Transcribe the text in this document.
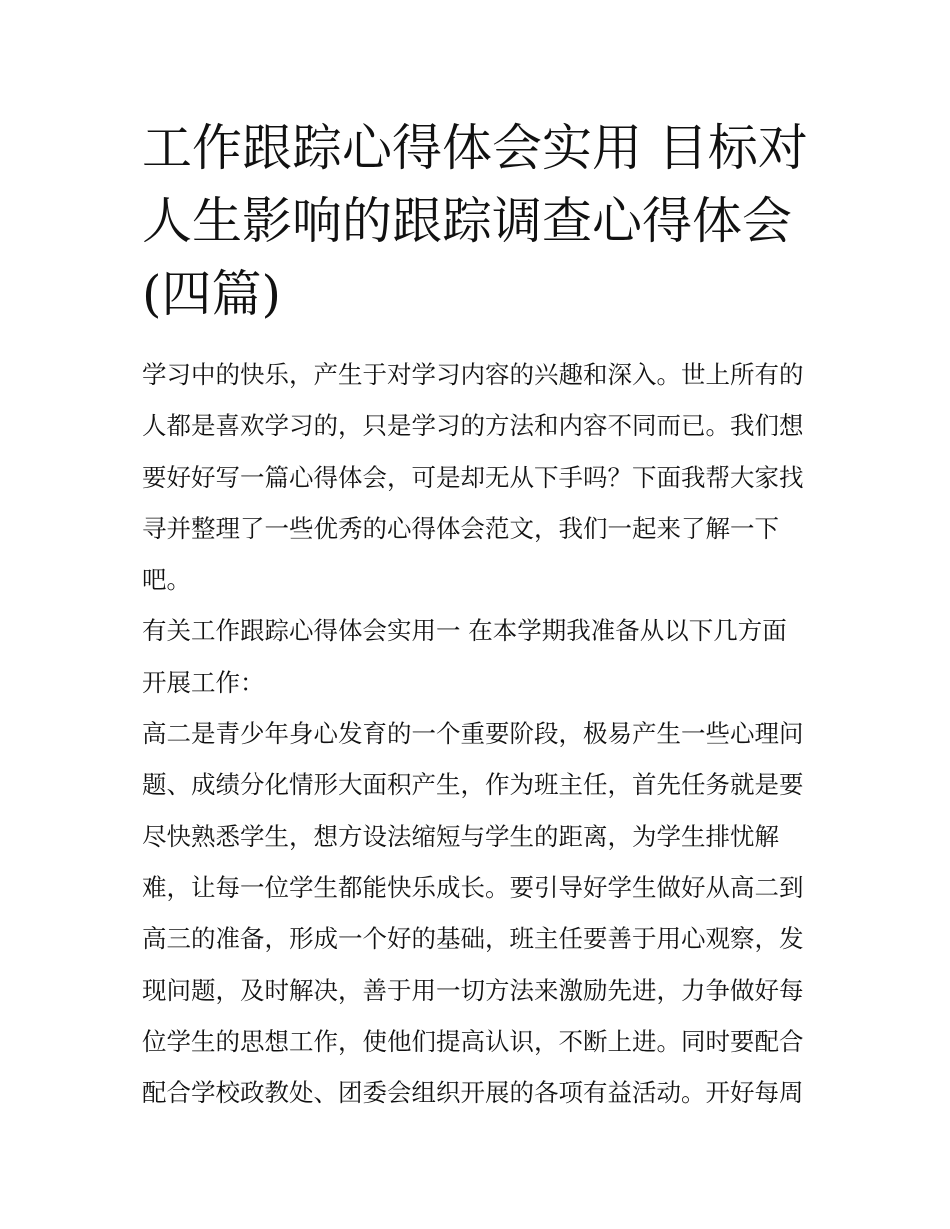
工作跟踪心得体会实用 目标对
人生影响的跟踪调查心得体会
(四篇)
学习中的快乐，产生于对学习内容的兴趣和深入。世上所有的
人都是喜欢学习的，只是学习的方法和内容不同而已。我们想
要好好写一篇心得体会，可是却无从下手吗？下面我帮大家找
寻并整理了一些优秀的心得体会范文，我们一起来了解一下
吧。
有关工作跟踪心得体会实用一 在本学期我准备从以下几方面
开展工作：
高二是青少年身心发育的一个重要阶段，极易产生一些心理问
题、成绩分化情形大面积产生，作为班主任，首先任务就是要
尽快熟悉学生，想方设法缩短与学生的距离，为学生排忧解
难，让每一位学生都能快乐成长。要引导好学生做好从高二到
高三的准备，形成一个好的基础，班主任要善于用心观察，发
现问题，及时解决，善于用一切方法来激励先进，力争做好每
位学生的思想工作，使他们提高认识，不断上进。同时要配合
配合学校政教处、团委会组织开展的各项有益活动。开好每周
